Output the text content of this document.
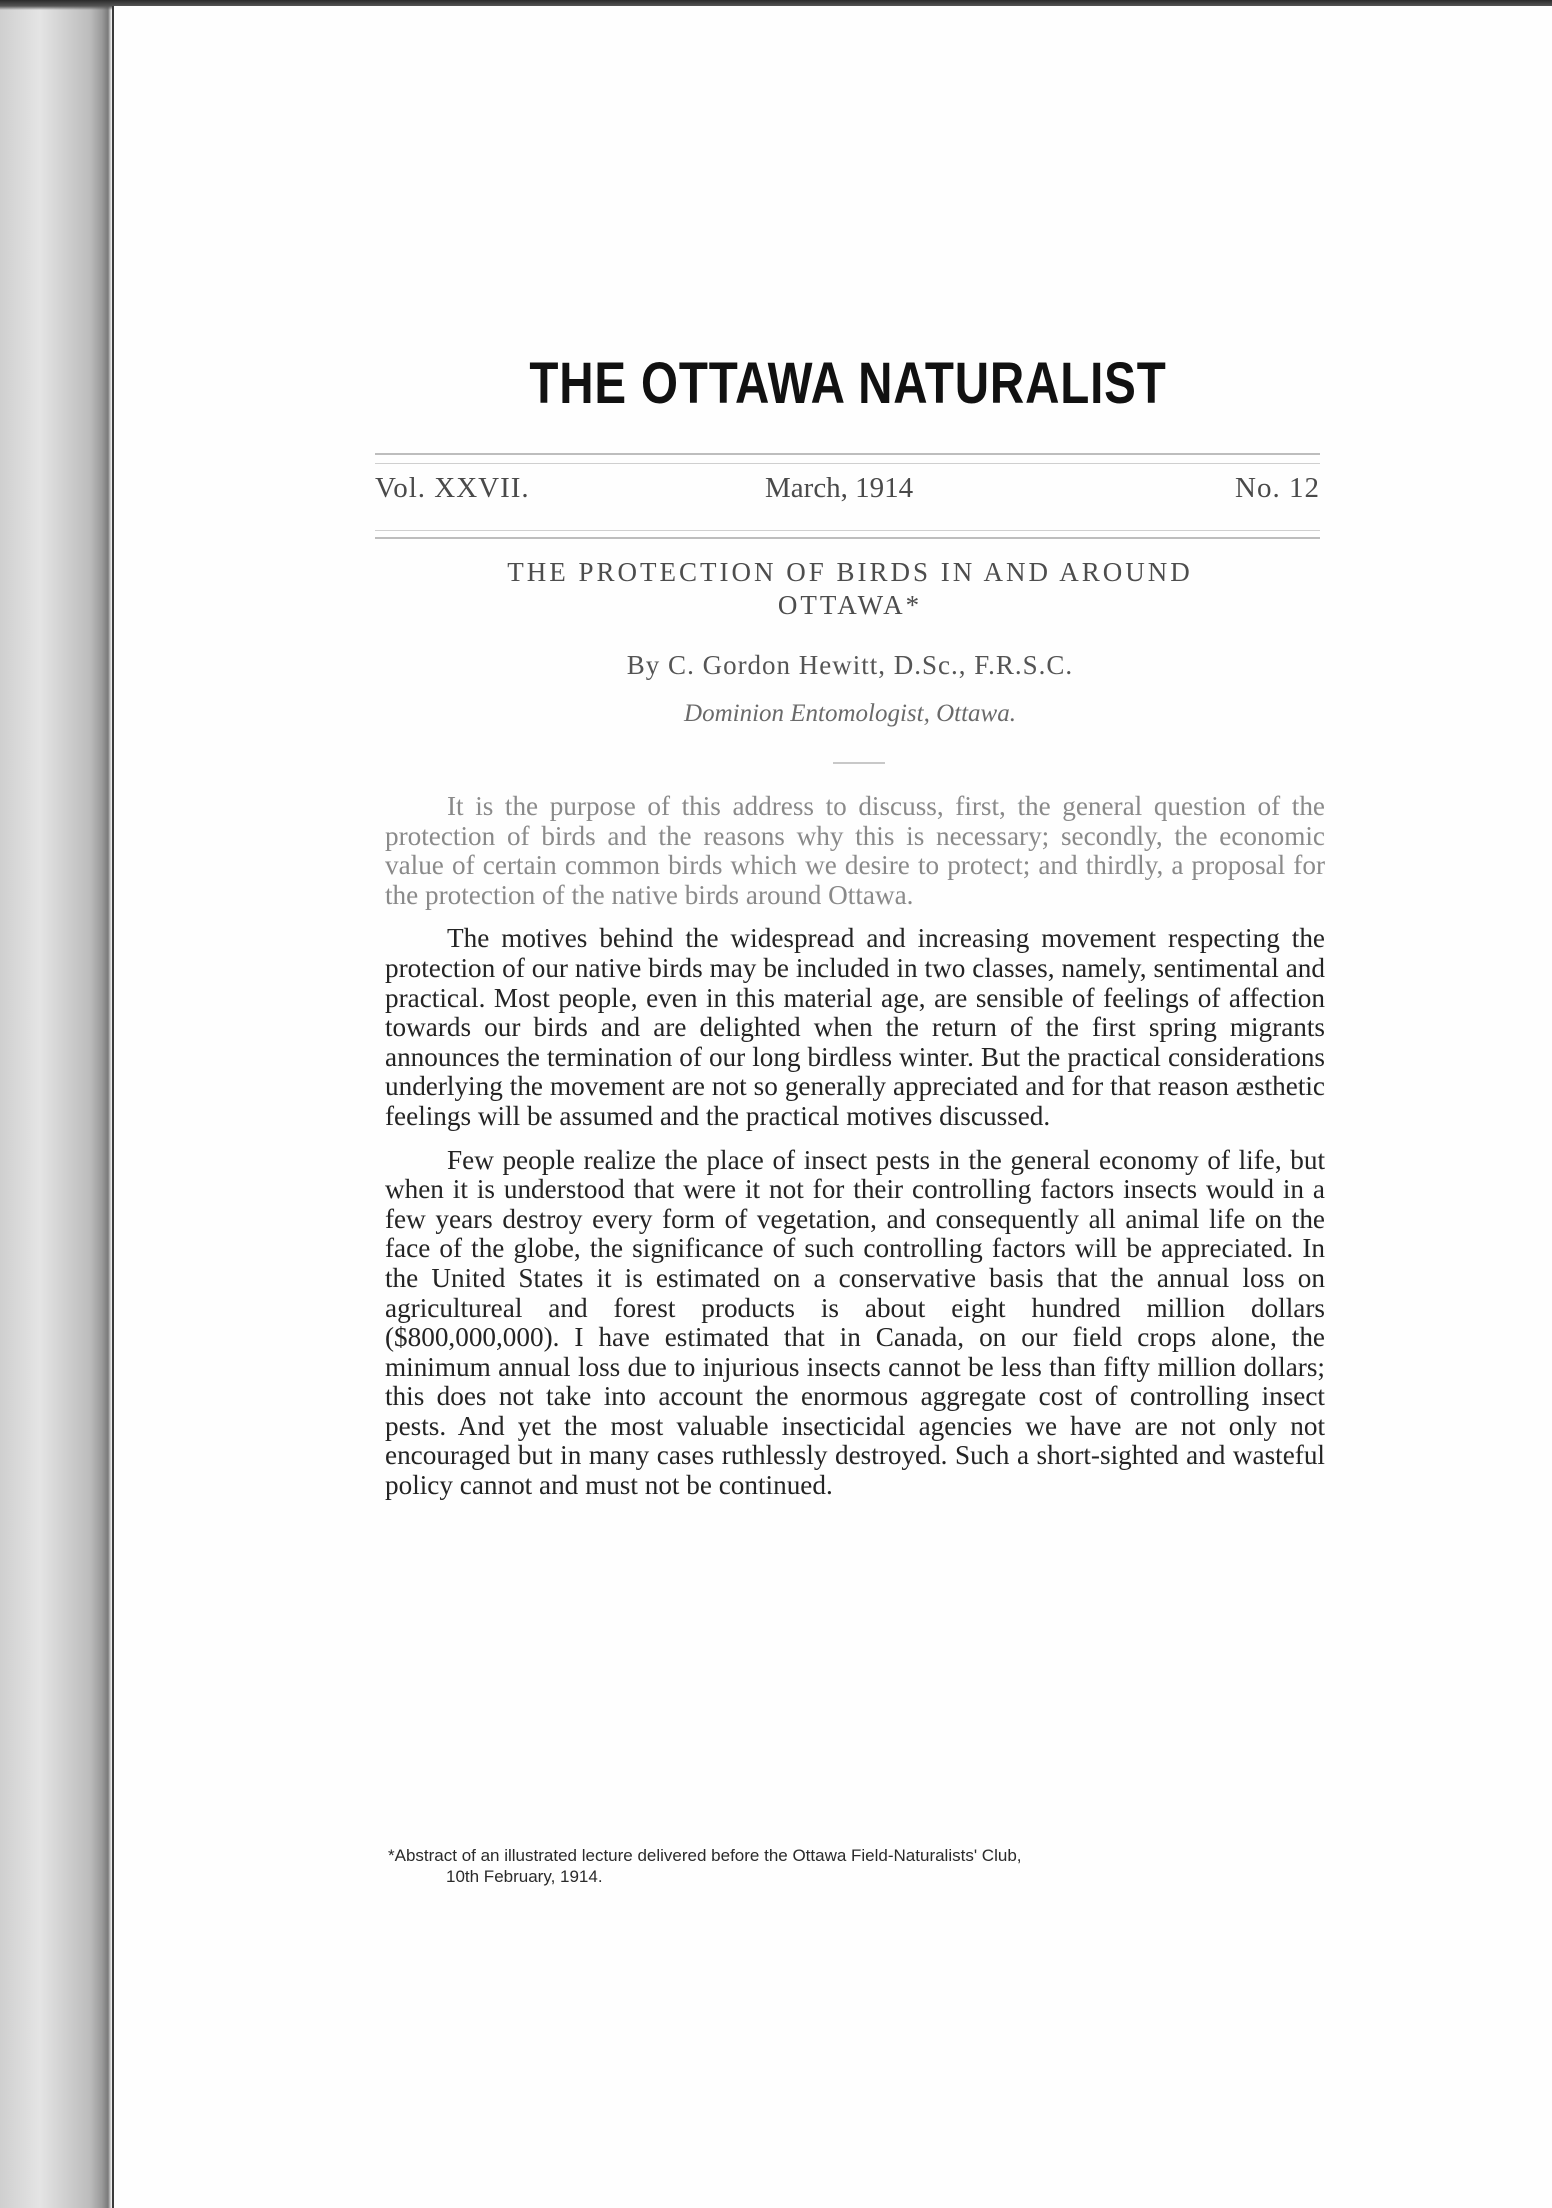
THE OTTAWA NATURALIST
Vol. XXVII.	March, 1914	No. 12
THE PROTECTION OF BIRDS IN AND AROUND
OTTAWA*
By C. Gordon Hewitt, D.Sc., F.R.S.C.
Dominion Entomologist, Ottawa.

It is the purpose of this address to discuss, first, the general question of the protection of birds and the reasons why this is necessary; secondly, the economic value of certain common birds which we desire to protect; and thirdly, a proposal for the protection of the native birds around Ottawa.

The motives behind the widespread and increasing movement respecting the protection of our native birds may be included in two classes, namely, sentimental and practical. Most people, even in this material age, are sensible of feelings of affection towards our birds and are delighted when the return of the first spring migrants announces the termination of our long birdless winter. But the practical considerations underlying the movement are not so generally appreciated and for that reason æsthetic feelings will be assumed and the practical motives discussed.

Few people realize the place of insect pests in the general economy of life, but when it is understood that were it not for their controlling factors insects would in a few years destroy every form of vegetation, and consequently all animal life on the face of the globe, the significance of such controlling factors will be appreciated. In the United States it is estimated on a conservative basis that the annual loss on agricultureal and forest products is about eight hundred million dollars ($800,000,000). I have estimated that in Canada, on our field crops alone, the minimum annual loss due to injurious insects cannot be less than fifty million dollars; this does not take into account the enormous aggregate cost of controlling insect pests. And yet the most valuable insecticidal agencies we have are not only not encouraged but in many cases ruthlessly destroyed. Such a short-sighted and wasteful policy cannot and must not be continued.

*Abstract of an illustrated lecture delivered before the Ottawa Field-Naturalists' Club,
10th February, 1914.
